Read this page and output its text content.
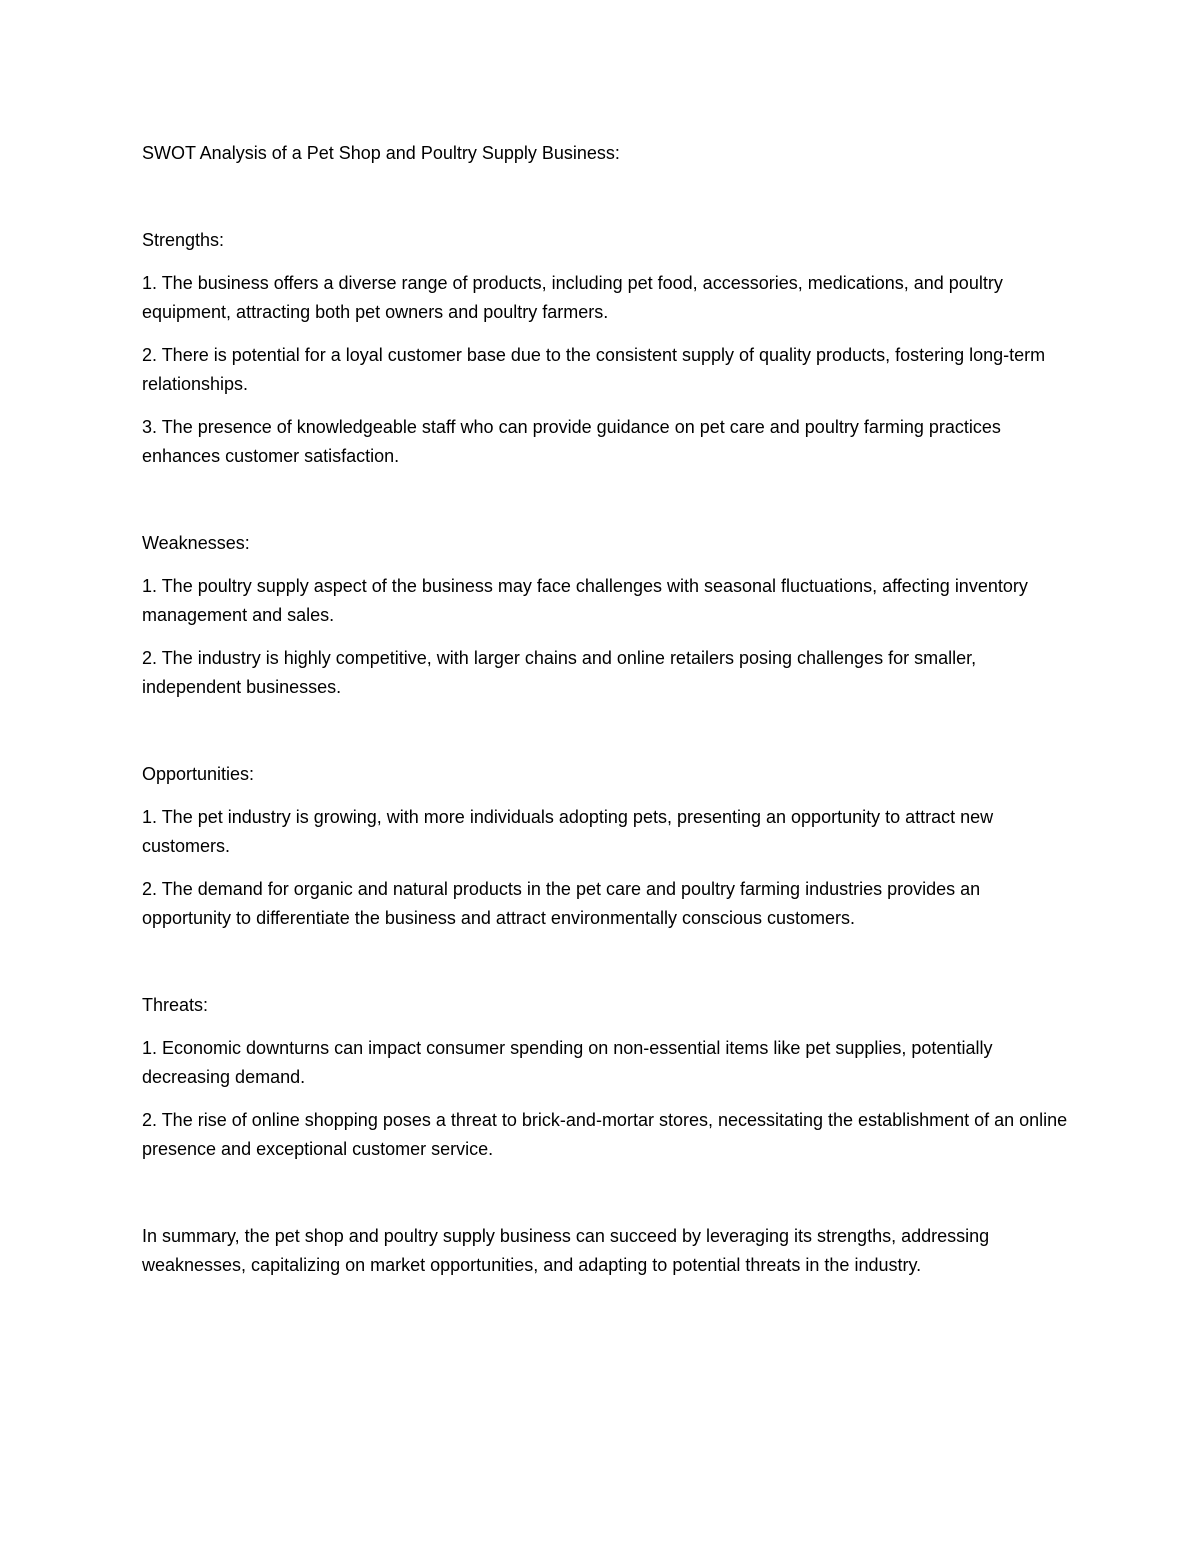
SWOT Analysis of a Pet Shop and Poultry Supply Business:

Strengths:

1. The business offers a diverse range of products, including pet food, accessories, medications, and poultry equipment, attracting both pet owners and poultry farmers.

2. There is potential for a loyal customer base due to the consistent supply of quality products, fostering long-term relationships.

3. The presence of knowledgeable staff who can provide guidance on pet care and poultry farming practices enhances customer satisfaction.

Weaknesses:

1. The poultry supply aspect of the business may face challenges with seasonal fluctuations, affecting inventory management and sales.

2. The industry is highly competitive, with larger chains and online retailers posing challenges for smaller, independent businesses.

Opportunities:

1. The pet industry is growing, with more individuals adopting pets, presenting an opportunity to attract new customers.

2. The demand for organic and natural products in the pet care and poultry farming industries provides an opportunity to differentiate the business and attract environmentally conscious customers.

Threats:

1. Economic downturns can impact consumer spending on non-essential items like pet supplies, potentially decreasing demand.

2. The rise of online shopping poses a threat to brick-and-mortar stores, necessitating the establishment of an online presence and exceptional customer service.

In summary, the pet shop and poultry supply business can succeed by leveraging its strengths, addressing weaknesses, capitalizing on market opportunities, and adapting to potential threats in the industry.
